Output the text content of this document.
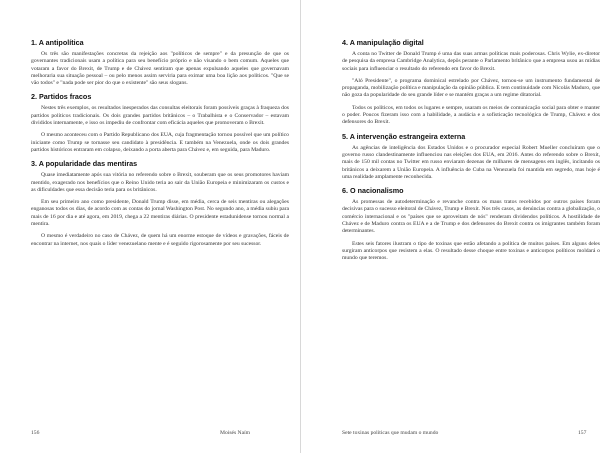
1. A antipolítica

Os três são manifestações concretas da rejeição aos "políticos de sempre" e da presunção de que os governantes tradicionais usam a política para seu benefício próprio e não visando o bem comum. Aqueles que votaram a favor do Brexit, de Trump e de Chávez sentiram que apenas expulsando aqueles que governavam melhoraria sua situação pessoal – ou pelo menos assim serviria para eximar uma boa lição aos políticos. "Que se vão todos" e "nada pode ser pior do que o existente" são seus slogans.

2. Partidos fracos

Nestes três exemplos, os resultados inesperados das consultas eleitorais foram possíveis graças à fraqueza dos partidos políticos tradicionais. Os dois grandes partidos britânicos – o Trabalhista e o Conservador – estavam divididos internamente, e isso os impediu de confrontar com eficácia aqueles que promoveram o Brexit.

O mesmo aconteceu com o Partido Republicano dos EUA, cuja fragmentação tornou possível que um político iniciante como Trump se tornasse seu candidato à presidência. E também na Venezuela, onde os dois grandes partidos históricos entraram em colapso, deixando a porta aberta para Chávez e, em seguida, para Maduro.

3. A popularidade das mentiras

Quase imediatamente após sua vitória no referendo sobre o Brexit, souberam que os seus promotores haviam mentido, exagerado nos benefícios que o Reino Unido teria ao sair da União Europeia e minimizaram os custos e as dificuldades que essa decisão teria para os britânicos.

Em seu primeiro ano como presidente, Donald Trump disse, em média, cerca de seis mentiras ou alegações enganosas todos os dias, de acordo com as contas do jornal Washington Post. No segundo ano, a média subiu para mais de 16 por dia e até agora, em 2019, chega a 22 mentiras diárias. O presidente estadunidense tornou normal a mentira.

O mesmo é verdadeiro no caso de Chávez, de quem há um enorme estoque de vídeos e gravações, fáceis de encontrar na internet, nos quais o líder venezuelano mente e é seguido rigorosamente por seu sucessor.

156	Moisés Naím
4. A manipulação digital

A conta no Twitter de Donald Trump é uma das suas armas políticas mais poderosas. Chris Wylie, ex-diretor de pesquisa da empresa Cambridge Analytica, depôs perante o Parlamento britânico que a empresa usou as mídias sociais para influenciar o resultado do referendo em favor do Brexit.

"Aló Presidente", o programa dominical estrelado por Chávez, tornou-se um instrumento fundamental de propaganda, mobilização política e manipulação da opinião pública. E tem continuidade com Nicolás Maduro, que não goza da popularidade do seu grande líder e se mantém graças a um regime ditatorial.

Todos os políticos, em todos os lugares e sempre, usaram os meios de comunicação social para obter e manter o poder. Poucos fizeram isso com a habilidade, a audácia e a sofisticação tecnológica de Trump, Chávez e dos defensores do Brexit.

5. A intervenção estrangeira externa

As agências de inteligência dos Estados Unidos e o procurador especial Robert Mueller concluíram que o governo russo clandestinamente influenciou nas eleições dos EUA, em 2016. Antes do referendo sobre o Brexit, mais de 150 mil contas no Twitter em russo enviaram dezenas de milhares de mensagens em inglês, incitando os britânicos a deixarem a União Europeia. A influência de Cuba na Venezuela foi mantida em segredo, mas hoje é uma realidade amplamente reconhecida.

6. O nacionalismo

As promessas de autodeterminação e revanche contra os maus tratos recebidos por outros países foram decisivas para o sucesso eleitoral de Chávez, Trump e Brexit. Nos três casos, as denúncias contra a globalização, o comércio internacional e os "países que se aproveitam de nós" renderam dividendos políticos. A hostilidade de Chávez e de Maduro contra os EUA e a de Trump e dos defensores do Brexit contra os imigrantes também foram determinantes.

Estes seis fatores ilustram o tipo de toxinas que estão afetando a política de muitos países. Em alguns deles surgiram anticorpos que resistem a elas. O resultado desse choque entre toxinas e anticorpos políticos moldará o mundo que teremos.

Sete toxinas políticas que mudam o mundo	157
